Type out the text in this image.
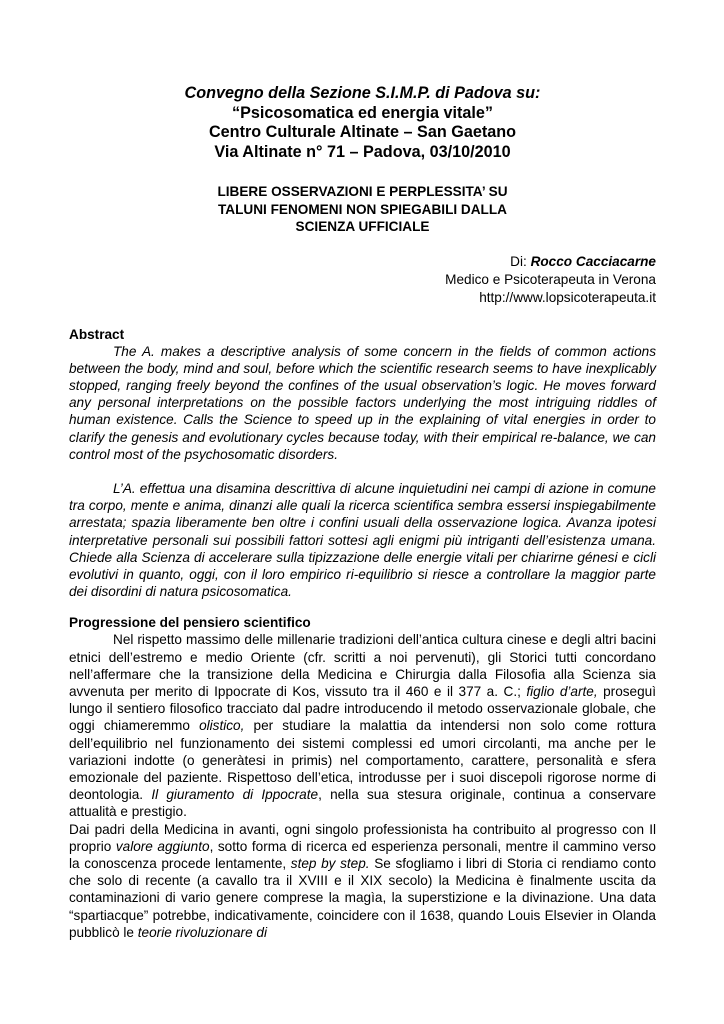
Convegno della Sezione S.I.M.P. di Padova su:
“Psicosomatica ed energia vitale”
Centro Culturale Altinate – San Gaetano
Via Altinate n° 71 – Padova, 03/10/2010
LIBERE OSSERVAZIONI E PERPLESSITA’ SU
TALUNI FENOMENI NON SPIEGABILI DALLA
SCIENZA UFFICIALE
Di: Rocco Cacciacarne
Medico e Psicoterapeuta in Verona
http://www.lopsicoterapeuta.it
Abstract
The A. makes a descriptive analysis of some concern in the fields of common actions between the body, mind and soul, before which the scientific research seems to have inexplicably stopped, ranging freely beyond the confines of the usual observation’s logic. He moves forward any personal interpretations on the possible factors underlying the most intriguing riddles of human existence. Calls the Science to speed up in the explaining of vital energies in order to clarify the genesis and evolutionary cycles because today, with their empirical re-balance, we can control most of the psychosomatic disorders.
L’A. effettua una disamina descrittiva di alcune inquietudini nei campi di azione in comune tra corpo, mente e anima, dinanzi alle quali la ricerca scientifica sembra essersi inspiegabilmente arrestata; spazia liberamente ben oltre i confini usuali della osservazione logica. Avanza ipotesi interpretative personali sui possibili fattori sottesi agli enigmi più intriganti dell’esistenza umana. Chiede alla Scienza di accelerare sulla tipizzazione delle energie vitali per chiarirne génesi e cicli evolutivi in quanto, oggi, con il loro empirico ri-equilibrio si riesce a controllare la maggior parte dei disordini di natura psicosomatica.
Progressione del pensiero scientifico
Nel rispetto massimo delle millenarie tradizioni dell’antica cultura cinese e degli altri bacini etnici dell’estremo e medio Oriente (cfr. scritti a noi pervenuti), gli Storici tutti concordano nell’affermare che la transizione della Medicina e Chirurgia dalla Filosofia alla Scienza sia avvenuta per merito di Ippocrate di Kos, vissuto tra il 460 e il 377 a. C.; figlio d’arte, proseguì lungo il sentiero filosofico tracciato dal padre introducendo il metodo osservazionale globale, che oggi chiameremmo olistico, per studiare la malattia da intendersi non solo come rottura dell’equilibrio nel funzionamento dei sistemi complessi ed umori circolanti, ma anche per le variazioni indotte (o generàtesi in primis) nel comportamento, carattere, personalità e sfera emozionale del paziente. Rispettoso dell’etica, introdusse per i suoi discepoli rigorose norme di deontologia. Il giuramento di Ippocrate, nella sua stesura originale, continua a conservare attualità e prestigio.
Dai padri della Medicina in avanti, ogni singolo professionista ha contribuito al progresso con Il proprio valore aggiunto, sotto forma di ricerca ed esperienza personali, mentre il cammino verso la conoscenza procede lentamente, step by step. Se sfogliamo i libri di Storia ci rendiamo conto che solo di recente (a cavallo tra il XVIII e il XIX secolo) la Medicina è finalmente uscita da contaminazioni di vario genere comprese la magìa, la superstizione e la divinazione. Una data “spartiacque” potrebbe, indicativamente, coincidere con il 1638, quando Louis Elsevier in Olanda pubblicò le teorie rivoluzionare di
